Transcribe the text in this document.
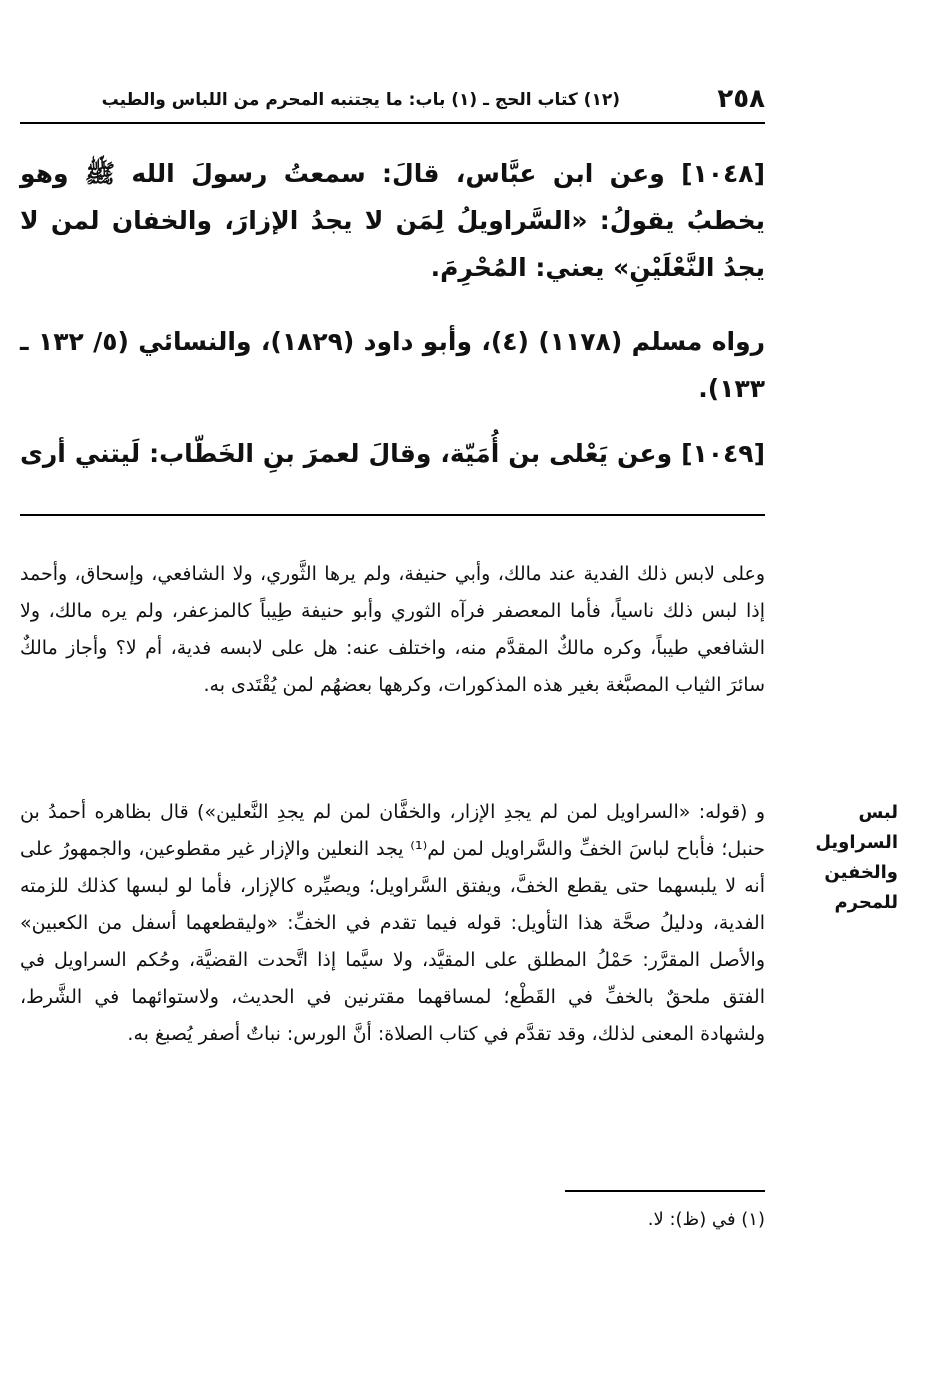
٢٥٨
(١٢) كتاب الحج ـ (١) باب: ما يجتنبه المحرم من اللباس والطيب
[١٠٤٨] وعن ابن عبَّاس، قالَ: سمعتُ رسولَ الله ﷺ وهو يخطبُ يقولُ: «السَّراويلُ لِمَن لا يجدُ الإزارَ، والخفان لمن لا يجدُ النَّعْلَيْنِ» يعني: المُحْرِمَ.
رواه مسلم (١١٧٨) (٤)، وأبو داود (١٨٢٩)، والنسائي (٥/ ١٣٢ ـ ١٣٣).
[١٠٤٩] وعن يَعْلى بن أُمَيّة، وقالَ لعمرَ بنِ الخَطّاب: لَيتني أرى
وعلى لابس ذلك الفدية عند مالك، وأبي حنيفة، ولم يرها الثَّوري، ولا الشافعي، وإسحاق، وأحمد إذا لبس ذلك ناسياً، فأما المعصفر فرآه الثوري وأبو حنيفة طِيباً كالمزعفر، ولم يره مالك، ولا الشافعي طيباً، وكره مالكٌ المقدَّم منه، واختلف عنه: هل على لابسه فدية، أم لا؟ وأجاز مالكٌ سائرَ الثياب المصبَّغة بغير هذه المذكورات، وكرهها بعضهُم لمن يُقْتَدى به.
و (قوله: «السراويل لمن لم يجدِ الإزار، والخفَّان لمن لم يجدِ النَّعلين») قال بظاهره أحمدُ بن حنبل؛ فأباح لباسَ الخفِّ والسَّراويل لمن لم⁽¹⁾ يجد النعلين والإزار غير مقطوعين، والجمهورُ على أنه لا يلبسهما حتى يقطع الخفَّ، ويفتق السَّراويل؛ ويصيِّره كالإزار، فأما لو لبسها كذلك للزمته الفدية، ودليلُ صحَّة هذا التأويل: قوله فيما تقدم في الخفِّ: «وليقطعهما أسفل من الكعبين» والأصل المقرَّر: حَمْلُ المطلق على المقيَّد، ولا سيَّما إذا اتَّحدت القضيَّة، وحُكم السراويل في الفتق ملحقٌ بالخفِّ في القَطْع؛ لمساقهما مقترنين في الحديث، ولاستوائهما في الشَّرط، ولشهادة المعنى لذلك، وقد تقدَّم في كتاب الصلاة: أنَّ الورس: نباتٌ أصفر يُصبغ به.
لبس السراويل والخفين للمحرم
(١) في (ظ): لا.
